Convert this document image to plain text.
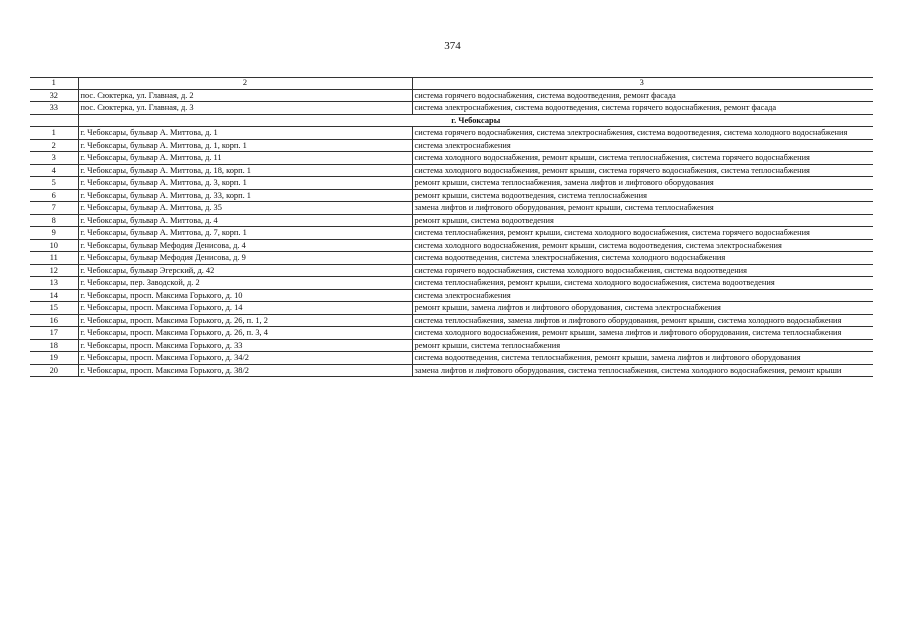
374
1	2	3
32	пос. Сюктерка, ул. Главная, д. 2	система горячего водоснабжения, система водоотведения, ремонт фасада
33	пос. Сюктерка, ул. Главная, д. 3	система электроснабжения, система водоотведения, система горячего водоснабжения, ремонт фасада
	г. Чебоксары	
1	г. Чебоксары, бульвар А. Миттова, д. 1	система горячего водоснабжения, система электроснабжения, система водоотведения, система холодного водоснабжения
2	г. Чебоксары, бульвар А. Миттова, д. 1, корп. 1	система электроснабжения
3	г. Чебоксары, бульвар А. Миттова, д. 11	система холодного водоснабжения, ремонт крыши, система теплоснабжения, система горячего водоснабжения
4	г. Чебоксары, бульвар А. Миттова, д. 18, корп. 1	система холодного водоснабжения, ремонт крыши, система горячего водоснабжения, система теплоснабжения
5	г. Чебоксары, бульвар А. Миттова, д. 3, корп. 1	ремонт крыши, система теплоснабжения, замена лифтов и лифтового оборудования
6	г. Чебоксары, бульвар А. Миттова, д. 33, корп. 1	ремонт крыши, система водоотведения, система теплоснабжения
7	г. Чебоксары, бульвар А. Миттова, д. 35	замена лифтов и лифтового оборудования, ремонт крыши, система теплоснабжения
8	г. Чебоксары, бульвар А. Миттова, д. 4	ремонт крыши, система водоотведения
9	г. Чебоксары, бульвар А. Миттова, д. 7, корп. 1	система теплоснабжения, ремонт крыши, система холодного водоснабжения, система горячего водоснабжения
10	г. Чебоксары, бульвар Мефодия Денисова, д. 4	система холодного водоснабжения, ремонт крыши, система водоотведения, система электроснабжения
11	г. Чебоксары, бульвар Мефодия Денисова, д. 9	система водоотведения, система электроснабжения, система холодного водоснабжения
12	г. Чебоксары, бульвар Эгерский, д. 42	система горячего водоснабжения, система холодного водоснабжения, система водоотведения
13	г. Чебоксары, пер. Заводской, д. 2	система теплоснабжения, ремонт крыши, система холодного водоснабжения, система водоотведения
14	г. Чебоксары, просп. Максима Горького, д. 10	система электроснабжения
15	г. Чебоксары, просп. Максима Горького, д. 14	ремонт крыши, замена лифтов и лифтового оборудования, система электроснабжения
16	г. Чебоксары, просп. Максима Горького, д. 26, п. 1, 2	система теплоснабжения, замена лифтов и лифтового оборудования, ремонт крыши, система холодного водоснабжения
17	г. Чебоксары, просп. Максима Горького, д. 26, п. 3, 4	система холодного водоснабжения, ремонт крыши, замена лифтов и лифтового оборудования, система теплоснабжения
18	г. Чебоксары, просп. Максима Горького, д. 33	ремонт крыши, система теплоснабжения
19	г. Чебоксары, просп. Максима Горького, д. 34/2	система водоотведения, система теплоснабжения, ремонт крыши, замена лифтов и лифтового оборудования
20	г. Чебоксары, просп. Максима Горького, д. 38/2	замена лифтов и лифтового оборудования, система теплоснабжения, система холодного водоснабжения, ремонт крыши
